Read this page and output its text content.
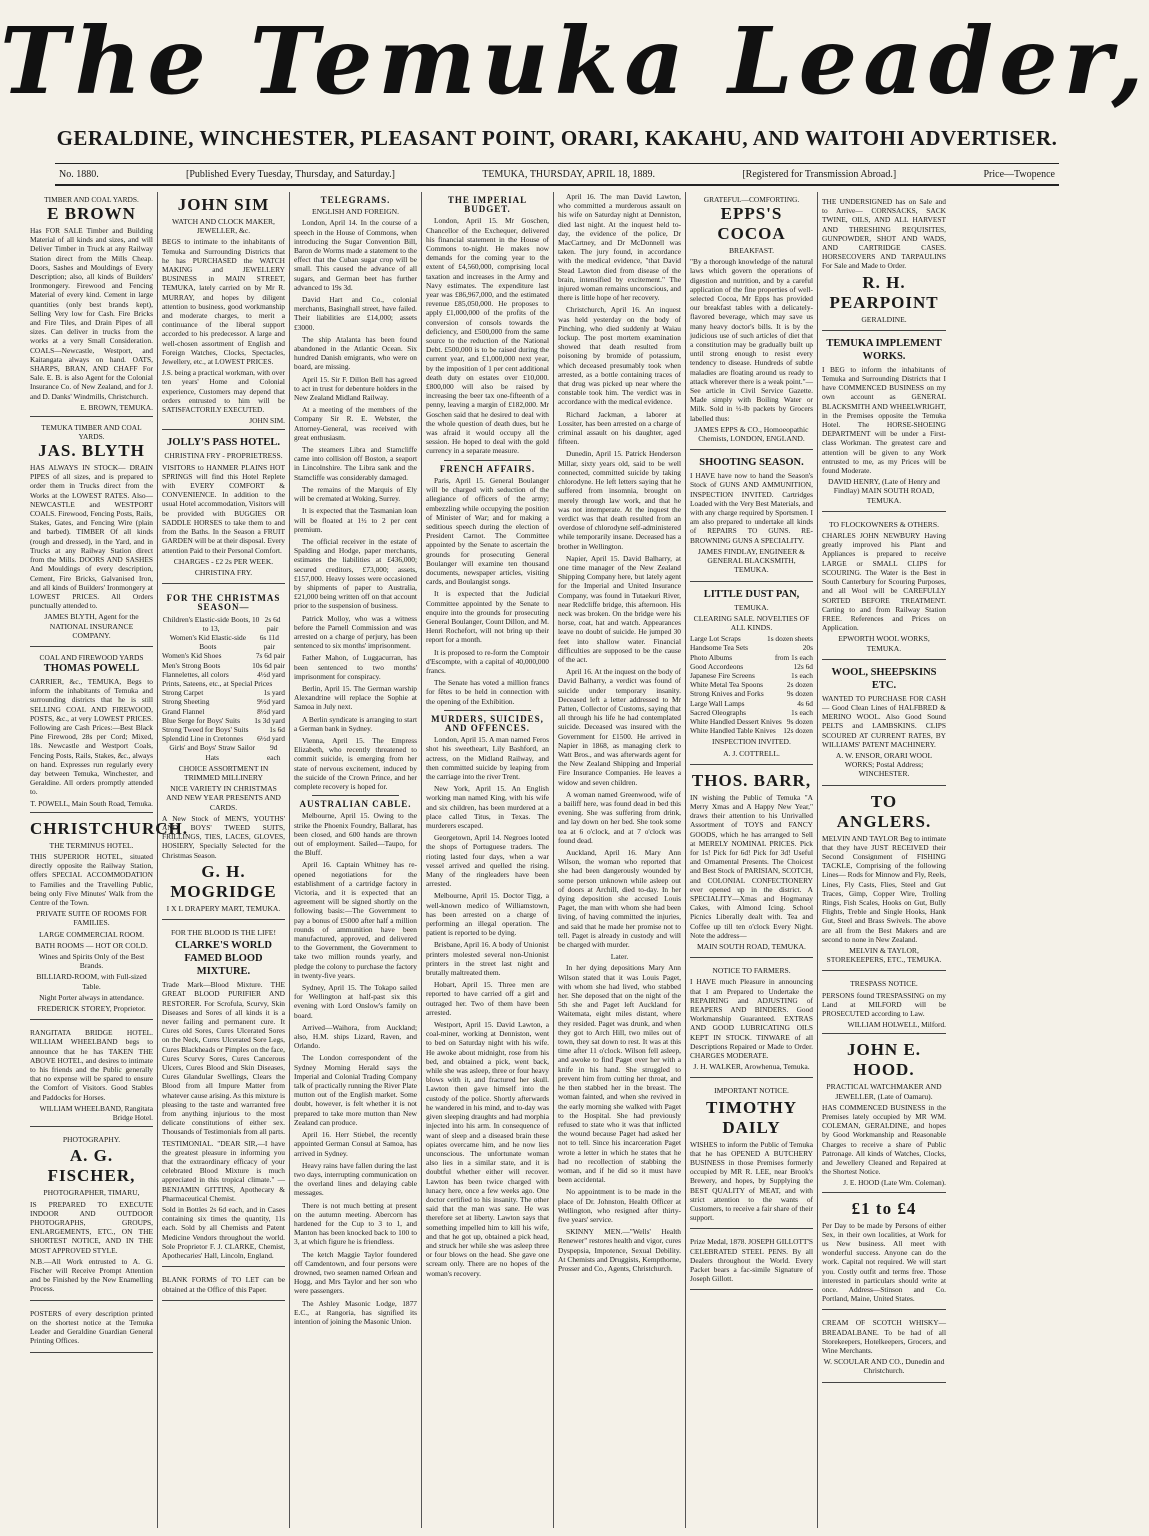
The Temuka Leader,
GERALDINE, WINCHESTER, PLEASANT POINT, ORARI, KAKAHU, AND WAITOHI ADVERTISER.
No. 1880.	[Published Every Tuesday, Thursday, and Saturday.]	TEMUKA, THURSDAY, APRIL 18, 1889.	[Registered for Transmission Abroad.]	Price—Twopence
TIMBER AND COAL YARDS.
E BROWN

Has FOR SALE Timber and Building Material of all kinds and sizes, and will Deliver Timber in Truck at any Railway Station direct from the Mills Cheap. Doors, Sashes and Mouldings of Every Description; also, all kinds of Builders' Ironmongery. Firewood and Fencing Material of every kind. Cement in large quantities (only best brands kept), Selling Very low for Cash. Fire Bricks and Fire Tiles, and Drain Pipes of all sizes. Can deliver in trucks from the works at a very Small Consideration. COALS—Newcastle, Westport, and Kaitangata always on hand. OATS, SHARPS, BRAN, AND CHAFF For Sale. E. B. is also Agent for the Colonial Insurance Co. of New Zealand, and for J. and D. Danks' Windmills, Christchurch.

E. BROWN, TEMUKA.
TEMUKA TIMBER AND COAL YARDS.
JAS. BLYTH

HAS ALWAYS IN STOCK— DRAIN PIPES of all sizes, and is prepared to order them in Trucks direct from the Works at the LOWEST RATES. Also— NEWCASTLE and WESTPORT COALS. Firewood, Fencing Posts, Rails, Stakes, Gates, and Fencing Wire (plain and barbed). TIMBER Of all kinds (rough and dressed), in the Yard, and in Trucks at any Railway Station direct from the Mills. DOORS AND SASHES And Mouldings of every description, Cement, Fire Bricks, Galvanised Iron, and all kinds of Builders' Ironmongery at LOWEST PRICES. All Orders punctually attended to.

JAMES BLYTH, Agent for the NATIONAL INSURANCE COMPANY.
COAL AND FIREWOOD YARDS
THOMAS POWELL

CARRIER, &c., TEMUKA, Begs to inform the inhabitants of Temuka and surrounding districts that he is still SELLING COAL AND FIREWOOD, POSTS, &c., at very LOWEST PRICES. Following are Cash Prices:—Best Black Pine Firewood, 28s per Cord; Mixed, 18s. Newcastle and Westport Coals, Fencing Posts, Rails, Stakes, &c., always on hand. Expresses run regularly every day between Temuka, Winchester, and Geraldine. All orders promptly attended to.

T. POWELL, Main South Road, Temuka.
CHRISTCHURCH.
THE TERMINUS HOTEL.

THIS SUPERIOR HOTEL, situated directly opposite the Railway Station, offers SPECIAL ACCOMMODATION to Families and the Travelling Public, being only Five Minutes' Walk from the Centre of the Town.

PRIVATE SUITE OF ROOMS FOR FAMILIES.
LARGE COMMERCIAL ROOM.
BATH ROOMS — HOT OR COLD.
Wines and Spirits Only of the Best Brands.
BILLIARD-ROOM, with Full-sized Table.
Night Porter always in attendance.
FREDERICK STOREY, Proprietor.

RANGITATA BRIDGE HOTEL. WILLIAM WHEELBAND begs to announce that he has TAKEN THE ABOVE HOTEL, and desires to intimate to his friends and the Public generally that no expense will be spared to ensure the Comfort of Visitors. Good Stables and Paddocks for Horses.

WILLIAM WHEELBAND, Rangitata Bridge Hotel.
PHOTOGRAPHY.
A. G. FISCHER,
PHOTOGRAPHER, TIMARU,

IS PREPARED TO EXECUTE INDOOR AND OUTDOOR PHOTOGRAPHS, GROUPS, ENLARGEMENTS, ETC., ON THE SHORTEST NOTICE, AND IN THE MOST APPROVED STYLE.

N.B.—All Work entrusted to A. G. Fischer will Receive Prompt Attention and be Finished by the New Enamelling Process.

POSTERS of every description printed on the shortest notice at the Temuka Leader and Geraldine Guardian General Printing Offices.

JOHN SIM
WATCH AND CLOCK MAKER, JEWELLER, &c.

BEGS to intimate to the inhabitants of Temuka and Surrounding Districts that he has PURCHASED the WATCH MAKING and JEWELLERY BUSINESS in MAIN STREET, TEMUKA, lately carried on by Mr R. MURRAY, and hopes by diligent attention to business, good workmanship and moderate charges, to merit a continuance of the liberal support accorded to his predecessor. A large and well-chosen assortment of English and Foreign Watches, Clocks, Spectacles, Jewellery, etc., at LOWEST PRICES.

J.S. being a practical workman, with over ten years' Home and Colonial experience, Customers may depend that orders entrusted to him will be SATISFACTORILY EXECUTED.

JOHN SIM.
JOLLY'S PASS HOTEL.
CHRISTINA FRY - PROPRIETRESS.

VISITORS to HANMER PLAINS HOT SPRINGS will find this Hotel Replete with EVERY COMFORT & CONVENIENCE. In addition to the usual Hotel accommodation, Visitors will be provided with BUGGIES OR SADDLE HORSES to take them to and from the Baths. In the Season a FRUIT GARDEN will be at their disposal. Every attention Paid to their Personal Comfort.

CHARGES - £2 2s PER WEEK.
CHRISTINA FRY.
FOR THE CHRISTMAS SEASON—
Children's Elastic-side Boots, 10 to 13,
2s 6d pair
Women's Kid Elastic-side Boots
6s 11d pair
Women's Kid Shoes	7s 6d pair
Men's Strong Boots	10s 6d pair
Flannelettes, all colors	4½d yard
Prints, Sateens, etc., at Special Prices
Strong Carpet	1s yard
Strong Sheeting	9½d yard
Grand Flannel	8½d yard
Blue Serge for Boys' Suits 1s 3d yard
Strong Tweed for Boys' Suits	1s 6d
Splendid Line in Cretonnes 6½d yard
Girls' and Boys' Straw Sailor Hats
9d each
CHOICE ASSORTMENT IN TRIMMED MILLINERY
NICE VARIETY IN CHRISTMAS AND NEW YEAR PRESENTS AND CARDS.

A New Stock of MEN'S, YOUTHS' AND BOYS' TWEED SUITS, FRILLINGS, TIES, LACES, GLOVES, HOSIERY, Specially Selected for the Christmas Season.

G. H. MOGRIDGE
I X L DRAPERY MART, TEMUKA.
FOR THE BLOOD IS THE LIFE!
CLARKE'S WORLD FAMED BLOOD MIXTURE.

Trade Mark—Blood Mixture. THE GREAT BLOOD PURIFIER AND RESTORER. For Scrofula, Scurvy, Skin Diseases and Sores of all kinds it is a never failing and permanent cure. It Cures old Sores, Cures Ulcerated Sores on the Neck, Cures Ulcerated Sore Legs, Cures Blackheads or Pimples on the face, Cures Scurvy Sores, Cures Cancerous Ulcers, Cures Blood and Skin Diseases, Cures Glandular Swellings, Clears the Blood from all Impure Matter from whatever cause arising. As this mixture is pleasing to the taste and warranted free from anything injurious to the most delicate constitutions of either sex. Thousands of Testimonials from all parts.

TESTIMONIAL. "DEAR SIR,—I have the greatest pleasure in informing you that the extraordinary efficacy of your celebrated Blood Mixture is much appreciated in this tropical climate." — BENJAMIN GITTINS, Apothecary & Pharmaceutical Chemist.

Sold in Bottles 2s 6d each, and in Cases containing six times the quantity, 11s each. Sold by all Chemists and Patent Medicine Vendors throughout the world. Sole Proprietor F. J. CLARKE, Chemist, Apothecaries' Hall, Lincoln, England.

BLANK FORMS of TO LET can be obtained at the Office of this Paper.

TELEGRAMS.
ENGLISH AND FOREIGN.

London, April 14. In the course of a speech in the House of Commons, when introducing the Sugar Convention Bill, Baron de Worms made a statement to the effect that the Cuban sugar crop will be small. This caused the advance of all sugars, and German beet has further advanced to 19s 3d.

David Hart and Co., colonial merchants, Basinghall street, have failed. Their liabilities are £14,000; assets £3000.

The ship Atalanta has been found abandoned in the Atlantic Ocean. Six hundred Danish emigrants, who were on board, are missing.

April 15. Sir F. Dillon Bell has agreed to act in trust for debenture holders in the New Zealand Midland Railway.

At a meeting of the members of the Company Sir R. E. Webster, the Attorney-General, was received with great enthusiasm.

The steamers Libra and Stamcliffe came into collision off Boston, a seaport in Lincolnshire. The Libra sank and the Stamcliffe was considerably damaged.

The remains of the Marquis of Ely will be cremated at Woking, Surrey.

It is expected that the Tasmanian loan will be floated at 1½ to 2 per cent premium.

The official receiver in the estate of Spalding and Hodge, paper merchants, estimates the liabilities at £436,000; secured creditors, £73,000; assets, £157,000. Heavy losses were occasioned by shipments of paper to Australia, £21,000 being written off on that account prior to the suspension of business.

Patrick Molloy, who was a witness before the Parnell Commission and was arrested on a charge of perjury, has been sentenced to six months' imprisonment.

Father Mahon, of Luggacurran, has been sentenced to two months' imprisonment for conspiracy.

Berlin, April 15. The German warship Alexandrine will replace the Sophie at Samoa in July next.

A Berlin syndicate is arranging to start a German bank in Sydney.

Vienna, April 15. The Empress Elizabeth, who recently threatened to commit suicide, is emerging from her state of nervous excitement, induced by the suicide of the Crown Prince, and her complete recovery is hoped for.

AUSTRALIAN CABLE.

Melbourne, April 15. Owing to the strike the Phoenix Foundry, Ballarat, has been closed, and 600 hands are thrown out of employment. Sailed—Taupo, for the Bluff.

April 16. Captain Whitney has re-opened negotiations for the establishment of a cartridge factory in Victoria, and it is expected that an agreement will be signed shortly on the following basis:—The Government to pay a bonus of £5000 after half a million rounds of ammunition have been manufactured, approved, and delivered to the Government, the Government to take two million rounds yearly, and pledge the colony to purchase the factory in twenty-five years.

Sydney, April 15. The Tokapo sailed for Wellington at half-past six this evening with Lord Onslow's family on board.

Arrived—Waihora, from Auckland; also, H.M. ships Lizard, Raven, and Orlando.

The London correspondent of the Sydney Morning Herald says the Imperial and Colonial Trading Company talk of practically running the River Plate mutton out of the English market. Some doubt, however, is felt whether it is not prepared to take more mutton than New Zealand can produce.

April 16. Herr Stiebel, the recently appointed German Consul at Samoa, has arrived in Sydney.

Heavy rains have fallen during the last two days, interrupting communication on the overland lines and delaying cable messages.

There is not much betting at present on the autumn meeting. Abercorn has hardened for the Cup to 3 to 1, and Manton has been knocked back to 100 to 3, at which figure he is friendless.

The ketch Maggie Taylor foundered off Camdentown, and four persons were drowned, two seamen named Orlean and Hogg, and Mrs Taylor and her son who were passengers.

The Ashley Masonic Lodge, 1877 E.C., at Rangoria, has signified its intention of joining the Masonic Union.

THE IMPERIAL BUDGET.

London, April 15. Mr Goschen, Chancellor of the Exchequer, delivered his financial statement in the House of Commons to-night. He makes now demands for the coming year to the extent of £4,560,000, comprising local taxation and increases in the Army and Navy estimates. The expenditure last year was £86,967,000, and the estimated revenue £85,050,000. He proposes to apply £1,000,000 of the profits of the conversion of consols towards the deficiency, and £500,000 from the same source to the reduction of the National Debt. £500,000 is to be raised during the current year, and £1,000,000 next year, by the imposition of 1 per cent additional death duty on estates over £10,000. £800,000 will also be raised by increasing the beer tax one-fifteenth of a penny, leaving a margin of £182,000. Mr Goschen said that he desired to deal with the whole question of death dues, but he was afraid it would occupy all the session. He hoped to deal with the gold currency in a separate measure.

FRENCH AFFAIRS.

Paris, April 15. General Boulanger will be charged with seduction of the allegiance of officers of the army; embezzling while occupying the position of Minister of War; and for making a seditious speech during the election of President Carnot. The Committee appointed by the Senate to ascertain the grounds for prosecuting General Boulanger will examine ten thousand documents, newspaper articles, visiting cards, and Boulangist songs.

It is expected that the Judicial Committee appointed by the Senate to enquire into the grounds for prosecuting General Boulanger, Count Dillon, and M. Henri Rochefort, will not bring up their report for a month.

It is proposed to re-form the Comptoir d'Escompte, with a capital of 40,000,000 francs.

The Senate has voted a million francs for fêtes to be held in connection with the opening of the Exhibition.

MURDERS, SUICIDES, AND OFFENCES.

London, April 15. A man named Feros shot his sweetheart, Lily Bashford, an actress, on the Midland Railway, and then committed suicide by leaping from the carriage into the river Trent.

New York, April 15. An English working man named King, with his wife and six children, has been murdered at a place called Titus, in Texas. The murderers escaped.

Georgetown, April 14. Negroes looted the shops of Portuguese traders. The rioting lasted four days, when a war vessel arrived and quelled the rising. Many of the ringleaders have been arrested.

Melbourne, April 15. Doctor Tigg, a well-known medico of Williamstown, has been arrested on a charge of performing an illegal operation. The patient is reported to be dying.

Brisbane, April 16. A body of Unionist printers molested several non-Unionist printers in the street last night and brutally maltreated them.

Hobart, April 15. Three men are reported to have carried off a girl and outraged her. Two of them have been arrested.

Westport, April 15. David Lawton, a coal-miner, working at Denniston, went to bed on Saturday night with his wife. He awoke about midnight, rose from his bed, and obtained a pick, went back, while she was asleep, three or four heavy blows with it, and fractured her skull. Lawton then gave himself into the custody of the police. Shortly afterwards he wandered in his mind, and to-day was given sleeping draughts and had morphia injected into his arm. In consequence of want of sleep and a diseased brain these opiates overcame him, and he now lies unconscious. The unfortunate woman also lies in a similar state, and it is doubtful whether either will recover. Lawton has been twice charged with lunacy here, once a few weeks ago. One doctor certified to his insanity. The other said that the man was sane. He was therefore set at liberty. Lawton says that something impelled him to kill his wife, and that he got up, obtained a pick head, and struck her while she was asleep three or four blows on the head. She gave one scream only. There are no hopes of the woman's recovery.

April 16. The man David Lawton, who committed a murderous assault on his wife on Saturday night at Denniston, died last night. At the inquest held to-day, the evidence of the police, Dr MacCartney, and Dr McDonnell was taken. The jury found, in accordance with the medical evidence, "that David Stead Lawton died from disease of the brain, intensified by excitement." The injured woman remains unconscious, and there is little hope of her recovery.

Christchurch, April 16. An inquest was held yesterday on the body of Pinching, who died suddenly at Waiau lockup. The post mortem examination showed that death resulted from poisoning by bromide of potassium, which deceased presumably took when arrested, as a bottle containing traces of that drug was picked up near where the constable took him. The verdict was in accordance with the medical evidence.

Richard Jackman, a laborer at Lossiter, has been arrested on a charge of criminal assault on his daughter, aged fifteen.

Dunedin, April 15. Patrick Henderson Millar, sixty years old, said to be well connected, committed suicide by taking chlorodyne. He left letters saying that he suffered from insomnia, brought on merely through law work, and that he was not intemperate. At the inquest the verdict was that death resulted from an overdose of chlorodyne self-administered while temporarily insane. Deceased has a brother in Wellington.

Napier, April 15. David Balharry, at one time manager of the New Zealand Shipping Company here, but lately agent for the Imperial and United Insurance Company, was found in Tutaekuri River, near Redcliffe bridge, this afternoon. His neck was broken. On the bridge were his horse, coat, hat and watch. Appearances leave no doubt of suicide. He jumped 30 feet into shallow water. Financial difficulties are supposed to be the cause of the act.

April 16. At the inquest on the body of David Balharry, a verdict was found of suicide under temporary insanity. Deceased left a letter addressed to Mr Patten, Collector of Customs, saying that all through his life he had contemplated suicide. Deceased was insured with the Government for £1500. He arrived in Napier in 1868, as managing clerk to Watt Bros., and was afterwards agent for the New Zealand Shipping and Imperial Fire Insurance Companies. He leaves a widow and seven children.

A woman named Greenwood, wife of a bailiff here, was found dead in bed this evening. She was suffering from drink, and lay down on her bed. She took some tea at 6 o'clock, and at 7 o'clock was found dead.

Auckland, April 16. Mary Ann Wilson, the woman who reported that she had been dangerously wounded by some person unknown while asleep out of doors at Archill, died to-day. In her dying deposition she accused Louis Paget, the man with whom she had been living, of having committed the injuries, and said that he made her promise not to tell. Paget is already in custody and will be charged with murder.

Later.

In her dying depositions Mary Ann Wilson stated that it was Louis Paget, with whom she had lived, who stabbed her. She deposed that on the night of the 5th she and Paget left Auckland for Waitemata, eight miles distant, where they resided. Paget was drunk, and when they got to Arch Hill, two miles out of town, they sat down to rest. It was at this time after 11 o'clock. Wilson fell asleep, and awoke to find Paget over her with a knife in his hand. She struggled to prevent him from cutting her throat, and he then stabbed her in the breast. The woman fainted, and when she revived in the early morning she walked with Paget to the Hospital. She had previously refused to state who it was that inflicted the wound because Paget had asked her not to tell. Since his incarceration Paget wrote a letter in which he states that he had no recollection of stabbing the woman, and if he did so it must have been accidental.

No appointment is to be made in the place of Dr. Johnston, Health Officer at Wellington, who resigned after thirty-five years' service.

SKINNY MEN.—"Wells' Health Renewer" restores health and vigor, cures Dyspepsia, Impotence, Sexual Debility. At Chemists and Druggists, Kempthorne, Prosser and Co., Agents, Christchurch.

GRATEFUL—COMFORTING.
EPPS'S COCOA
BREAKFAST.

"By a thorough knowledge of the natural laws which govern the operations of digestion and nutrition, and by a careful application of the fine properties of well-selected Cocoa, Mr Epps has provided our breakfast tables with a delicately-flavored beverage, which may save us many heavy doctor's bills. It is by the judicious use of such articles of diet that a constitution may be gradually built up until strong enough to resist every tendency to disease. Hundreds of subtle maladies are floating around us ready to attack wherever there is a weak point."—See article in Civil Service Gazette. Made simply with Boiling Water or Milk. Sold in ½-lb packets by Grocers labelled thus:

JAMES EPPS & CO., Homoeopathic Chemists, LONDON, ENGLAND.
SHOOTING SEASON.

I HAVE have now to hand the Season's Stock of GUNS AND AMMUNITION, INSPECTION INVITED. Cartridges Loaded with the Very Best Materials, and with any charge required by Sportsmen. I am also prepared to undertake all kinds of REPAIRS TO GUNS. RE-BROWNING GUNS A SPECIALITY.

JAMES FINDLAY, ENGINEER & GENERAL BLACKSMITH, TEMUKA.
LITTLE DUST PAN,
TEMUKA.
CLEARING SALE. NOVELTIES OF ALL KINDS.
Large Lot Scraps	1s dozen sheets
Handsome Tea Sets	20s
Photo Albums	from 1s each
Good Accordeons	12s 6d
Japanese Fire Screens	1s each
White Metal Tea Spoons	2s dozen
Strong Knives and Forks	9s dozen
Large Wall Lamps	4s 6d
Sacred Oleographs	1s each
White Handled Dessert Knives 9s dozen
White Handled Table Knives 12s dozen
INSPECTION INVITED.
A. J. COTTRELL.
THOS. BARR,

IN wishing the Public of Temuka "A Merry Xmas and A Happy New Year," draws their attention to his Unrivalled Assortment of TOYS and FANCY GOODS, which he has arranged to Sell at MERELY NOMINAL PRICES. Pick for 1s! Pick for 6d! Pick for 3d! Useful and Ornamental Presents. The Choicest and Best Stock of PARISIAN, SCOTCH, and COLONIAL CONFECTIONERY ever opened up in the district. A SPECIALITY—Xmas and Hogmanay Cakes, with Almond Icing. School Picnics Liberally dealt with. Tea and Coffee up till ten o'clock Every Night. Note the address—

MAIN SOUTH ROAD, TEMUKA.
NOTICE TO FARMERS.

I HAVE much Pleasure in announcing that I am Prepared to Undertake the REPAIRING and ADJUSTING of REAPERS AND BINDERS. Good Workmanship Guaranteed. EXTRAS AND GOOD LUBRICATING OILS KEPT IN STOCK. TINWARE of all Descriptions Repaired or Made to Order. CHARGES MODERATE.

J. H. WALKER, Arowhenua, Temuka.
IMPORTANT NOTICE.
TIMOTHY DAILY

WISHES to inform the Public of Temuka that he has OPENED A BUTCHERY BUSINESS in those Premises formerly occupied by MR R. LEE, near Brook's Brewery, and hopes, by Supplying the BEST QUALITY of MEAT, and with strict attention to the wants of Customers, to receive a fair share of their support.

Prize Medal, 1878. JOSEPH GILLOTT'S CELEBRATED STEEL PENS. By all Dealers throughout the World. Every Packet bears a fac-simile Signature of Joseph Gillott.

THE UNDERSIGNED has on Sale and to Arrive— CORNSACKS, SACK TWINE, OILS, AND ALL HARVEST AND THRESHING REQUISITES, GUNPOWDER, SHOT AND WADS, AND CARTRIDGE CASES. HORSECOVERS AND TARPAULINS For Sale and Made to Order.

R. H. PEARPOINT
GERALDINE.
TEMUKA IMPLEMENT WORKS.

I BEG to inform the inhabitants of Temuka and Surrounding Districts that I have COMMENCED BUSINESS on my own account as GENERAL BLACKSMITH AND WHEELWRIGHT, in the Premises opposite the Temuka Hotel. The HORSE-SHOEING DEPARTMENT will be under a First-class Workman. The greatest care and attention will be given to any Work entrusted to me, as my Prices will be found Moderate.

DAVID HENRY, (Late of Henry and Findlay) MAIN SOUTH ROAD, TEMUKA.
TO FLOCKOWNERS & OTHERS.

CHARLES JOHN NEWBURY Having greatly improved his Plant and Appliances is prepared to receive LARGE or SMALL CLIPS for SCOURING. The Water is the Best in South Canterbury for Scouring Purposes, and all Wool will be CAREFULLY SORTED BEFORE TREATMENT. Carting to and from Railway Station FREE. References and Prices on Application.

EPWORTH WOOL WORKS, TEMUKA.
WOOL, SHEEPSKINS ETC.

WANTED TO PURCHASE FOR CASH — Good Clean Lines of HALFBRED & MERINO WOOL. Also Good Sound PELTS and LAMBSKINS. CLIPS SCOURED AT CURRENT RATES, BY WILLIAMS' PATENT MACHINERY.

A. W. ENSOR, ORARI WOOL WORKS; Postal Address; WINCHESTER.
TO ANGLERS.

MELVIN AND TAYLOR Beg to intimate that they have JUST RECEIVED their Second Consignment of FISHING TACKLE, Comprising of the following Lines— Rods for Minnow and Fly, Reels, Lines, Fly Casts, Flies, Steel and Gut Traces, Gimp, Copper Wire, Trolling Rings, Fish Scales, Hooks on Gut, Bully Flights, Treble and Single Hooks, Hank Gut, Steel and Brass Swivels. The above are all from the Best Makers and are second to none in New Zealand.

MELVIN & TAYLOR, STOREKEEPERS, ETC., TEMUKA.
TRESPASS NOTICE.

PERSONS found TRESPASSING on my Land at MILFORD will be PROSECUTED according to Law.

WILLIAM HOLWELL, Milford.
JOHN E. HOOD.
PRACTICAL WATCHMAKER AND JEWELLER, (Late of Oamaru).

HAS COMMENCED BUSINESS in the Premises lately occupied by MR WM. COLEMAN, GERALDINE, and hopes by Good Workmanship and Reasonable Charges to receive a share of Public Patronage. All kinds of Watches, Clocks, and Jewellery Cleaned and Repaired at the Shortest Notice.

J. E. HOOD (Late Wm. Coleman).
£1 to £4

Per Day to be made by Persons of either Sex, in their own localities, at Work for us New business. All meet with wonderful success. Anyone can do the work. Capital not required. We will start you. Costly outfit and terms free. Those interested in particulars should write at once. Address—Stinson and Co. Portland, Maine, United States.

CREAM OF SCOTCH WHISKY— BREADALBANE. To be had of all Storekeepers, Hotelkeepers, Grocers, and Wine Merchants.

W. SCOULAR AND CO., Dunedin and Christchurch.
